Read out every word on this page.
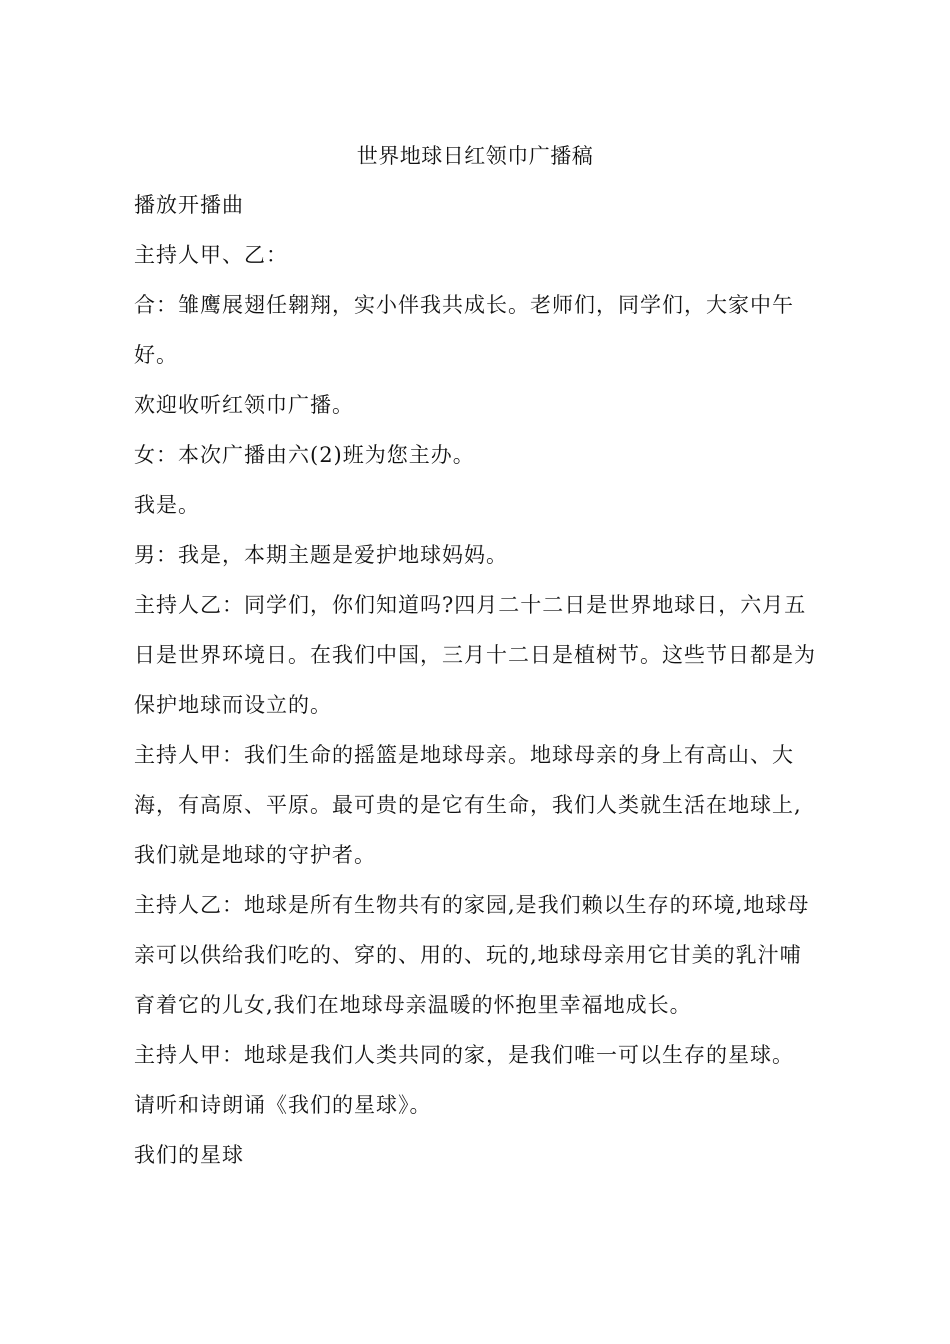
世界地球日红领巾广播稿

播放开播曲

主持人甲、乙：

合：雏鹰展翅任翱翔，实小伴我共成长。老师们，同学们，大家中午好。

欢迎收听红领巾广播。

女：本次广播由六(2)班为您主办。

我是。

男：我是，本期主题是爱护地球妈妈。

主持人乙：同学们，你们知道吗?四月二十二日是世界地球日，六月五日是世界环境日。在我们中国，三月十二日是植树节。这些节日都是为保护地球而设立的。

主持人甲：我们生命的摇篮是地球母亲。地球母亲的身上有高山、大海，有高原、平原。最可贵的是它有生命，我们人类就生活在地球上,我们就是地球的守护者。

主持人乙：地球是所有生物共有的家园,是我们赖以生存的环境,地球母亲可以供给我们吃的、穿的、用的、玩的,地球母亲用它甘美的乳汁哺育着它的儿女,我们在地球母亲温暖的怀抱里幸福地成长。

主持人甲：地球是我们人类共同的家，是我们唯一可以生存的星球。

请听和诗朗诵《我们的星球》。

我们的星球
